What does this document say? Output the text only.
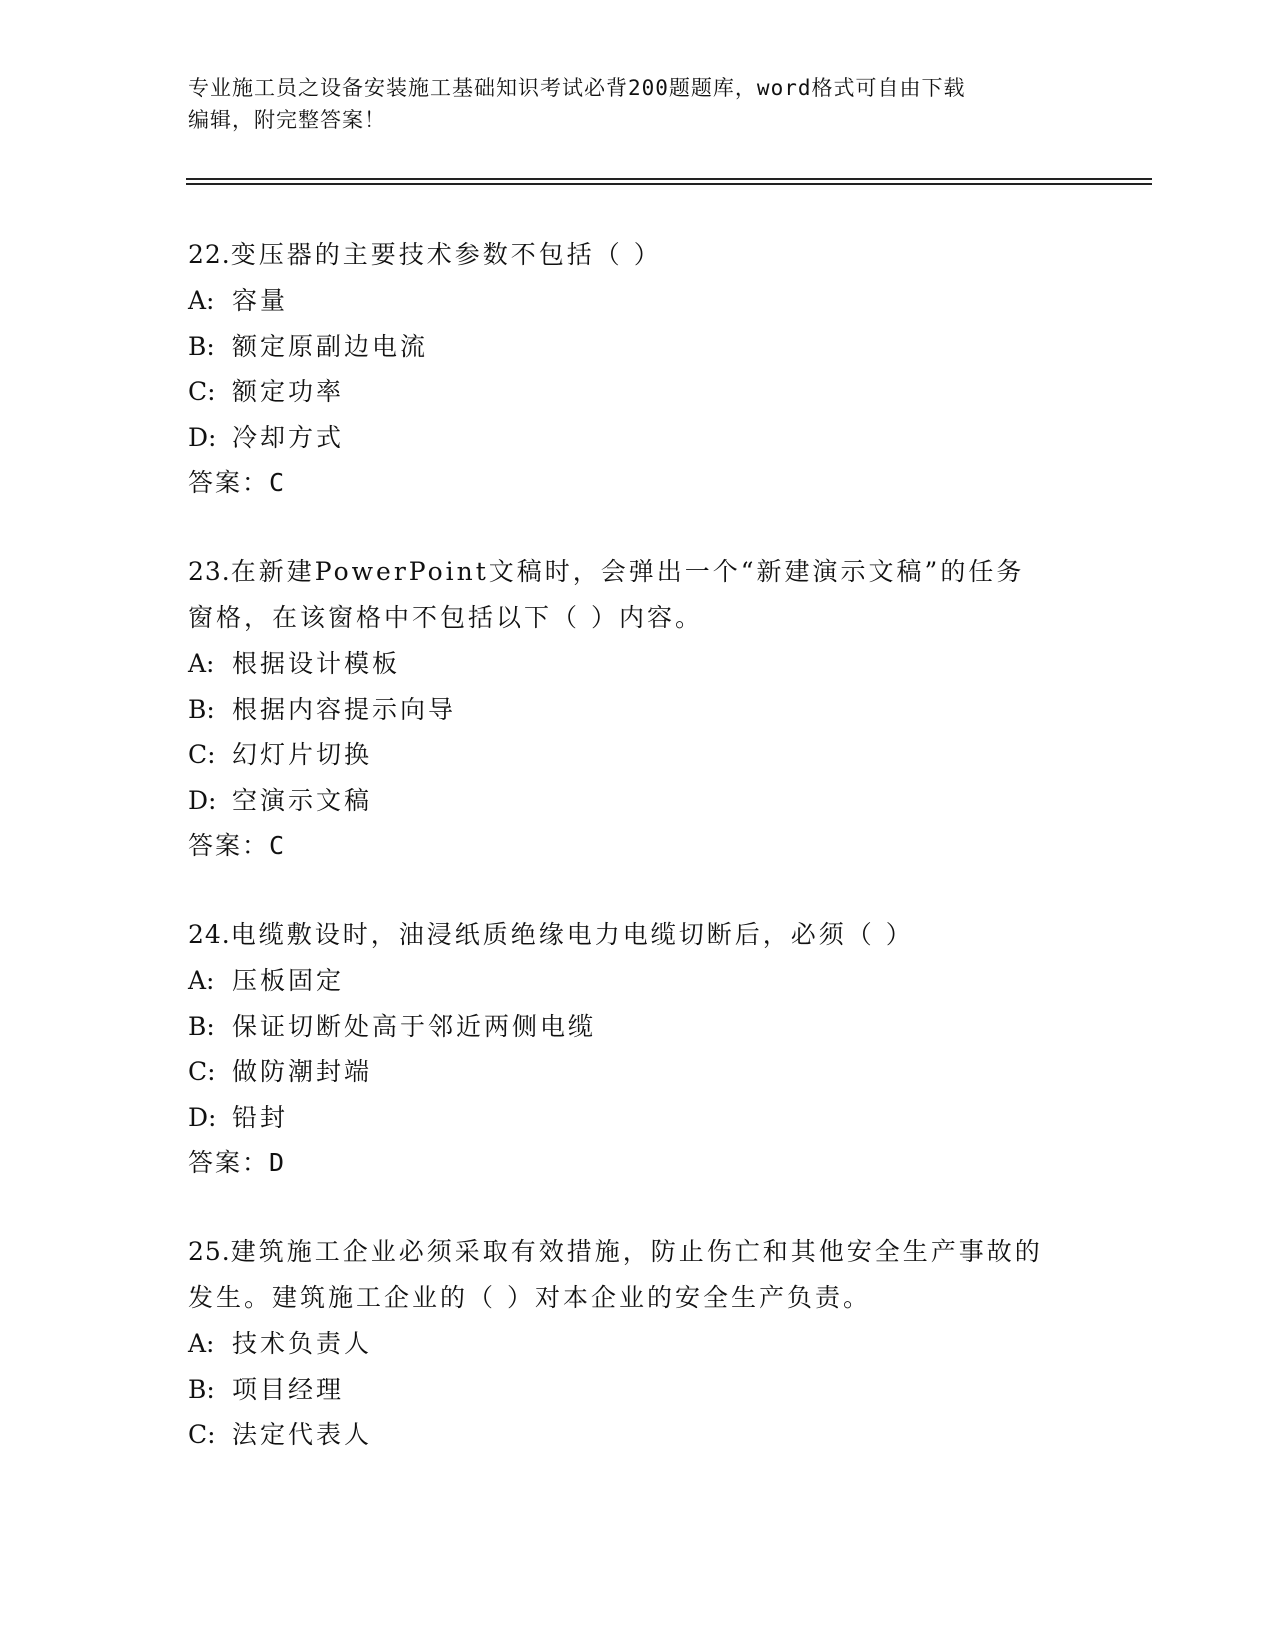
专业施工员之设备安装施工基础知识考试必背200题题库，word格式可自由下载
编辑，附完整答案！
22.变压器的主要技术参数不包括（ ）
A: 容量
B: 额定原副边电流
C: 额定功率
D: 冷却方式
答案：C
23.在新建PowerPoint文稿时，会弹出一个“新建演示文稿”的任务
窗格，在该窗格中不包括以下（ ）内容。
A: 根据设计模板
B: 根据内容提示向导
C: 幻灯片切换
D: 空演示文稿
答案：C
24.电缆敷设时，油浸纸质绝缘电力电缆切断后，必须（ ）
A: 压板固定
B: 保证切断处高于邻近两侧电缆
C: 做防潮封端
D: 铅封
答案：D
25.建筑施工企业必须采取有效措施，防止伤亡和其他安全生产事故的
发生。建筑施工企业的（ ）对本企业的安全生产负责。
A: 技术负责人
B: 项目经理
C: 法定代表人
